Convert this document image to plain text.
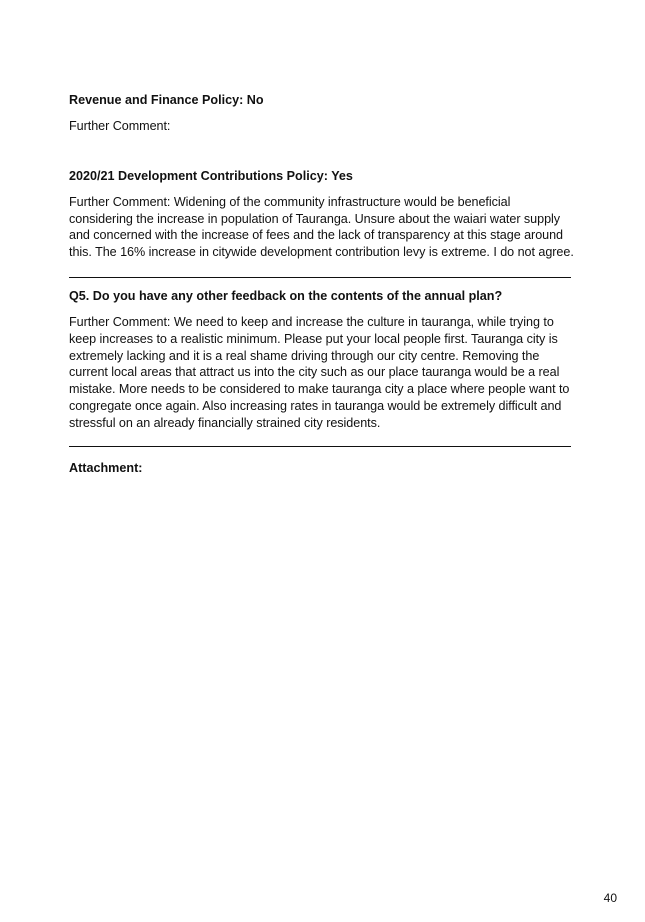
Revenue and Finance Policy: No

Further Comment:

2020/21 Development Contributions Policy: Yes

Further Comment: Widening of the community infrastructure would be beneficial considering the increase in population of Tauranga. Unsure about the waiari water supply and concerned with the increase of fees and the lack of transparency at this stage around this. The 16% increase in citywide development contribution levy is extreme. I do not agree.

Q5. Do you have any other feedback on the contents of the annual plan?

Further Comment: We need to keep and increase the culture in tauranga, while trying to keep increases to a realistic minimum. Please put your local people first. Tauranga city is extremely lacking and it is a real shame driving through our city centre. Removing the current local areas that attract us into the city such as our place tauranga would be a real mistake. More needs to be considered to make tauranga city a place where people want to congregate once again. Also increasing rates in tauranga would be extremely difficult and stressful on an already financially strained city residents.

Attachment:

40
